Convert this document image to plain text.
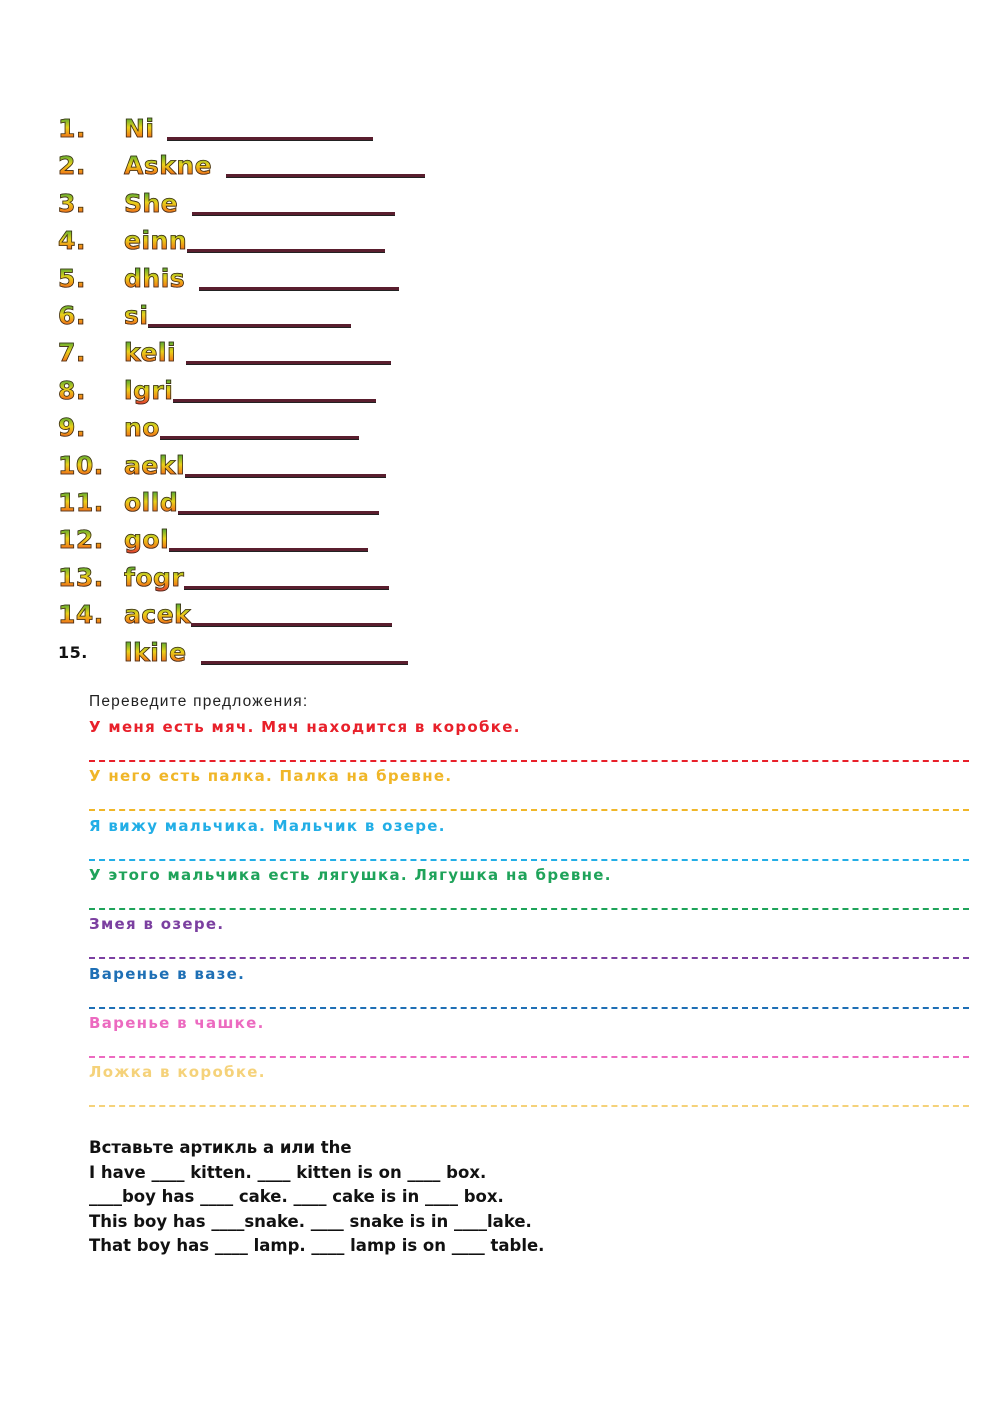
1.	Ni
2.	Askne
3.	She
4.	einn
5.	dhis
6.	si
7.	keli
8.	lgri
9.	no
10. aekl
11. olld
12. gol
13. fogr
14. acek
15.	lkiIe
Переведите предложения:
У меня есть мяч. Мяч находится в коробке.
У него есть палка. Палка на бревне.
Я вижу мальчика. Мальчик в озере.
У этого мальчика есть лягушка. Лягушка на бревне.
Змея в озере.
Варенье в вазе.
Варенье в чашке.
Ложка в коробке.
Вставьте артикль a или the
I have ____ kitten. ____ kitten is on ____ box.
____boy has ____ cake. ____ cake is in ____ box.
This boy has ____snake. ____ snake is in ____lake.
That boy has ____ lamp. ____ lamp is on ____ table.
